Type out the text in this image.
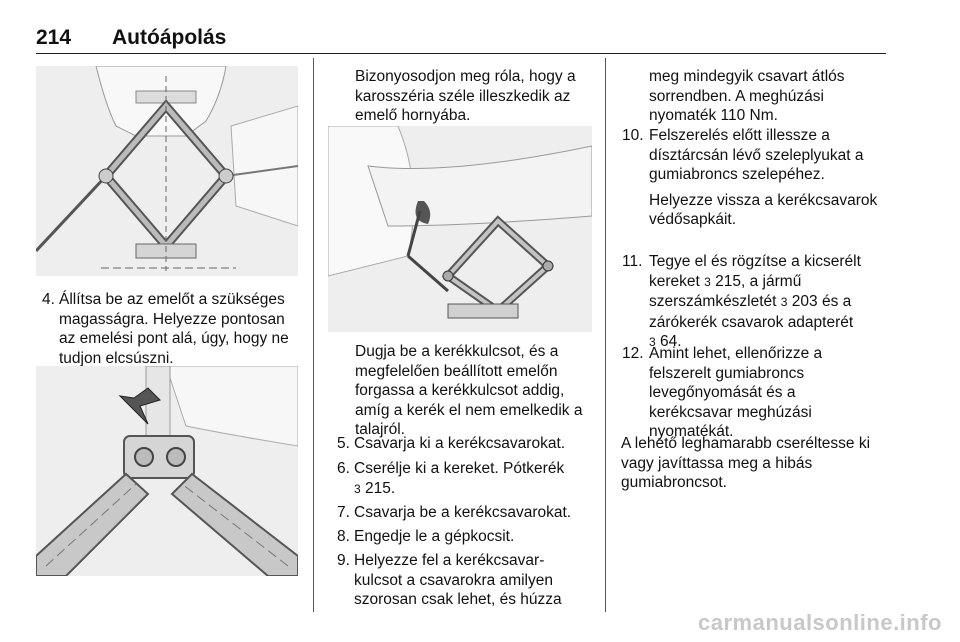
214 Autóápolás
4. Állítsa be az emelőt a szükséges
magasságra. Helyezze pontosan
az emelési pont alá, úgy, hogy ne
tudjon elcsúszni.
Bizonyosodjon meg róla, hogy a
karosszéria széle illeszkedik az
emelő hornyába.
Dugja be a kerékkulcsot, és a
megfelelően beállított emelőn
forgassa a kerékkulcsot addig,
amíg a kerék el nem emelkedik a
talajról.
5. Csavarja ki a kerékcsavarokat.
6. Cserélje ki a kereket. Pótkerék
3 215.
7. Csavarja be a kerékcsavarokat.
8. Engedje le a gépkocsit.
9. Helyezze fel a kerékcsavar-
kulcsot a csavarokra amilyen
szorosan csak lehet, és húzza
meg mindegyik csavart átlós
sorrendben. A meghúzási
nyomaték 110 Nm.
10. Felszerelés előtt illessze a
dísztárcsán lévő szeleplyukat a
gumiabroncs szelepéhez.
Helyezze vissza a kerékcsavarok
védősapkáit.
11. Tegye el és rögzítse a kicserélt
kereket 3 215, a jármű
szerszámkészletét 3 203 és a
zárókerék csavarok adapterét
3 64.
12. Amint lehet, ellenőrizze a
felszerelt gumiabroncs
levegőnyomását és a
kerékcsavar meghúzási
nyomatékát.
A lehető leghamarabb cseréltesse ki
vagy javíttassa meg a hibás
gumiabroncsot.
carmanualsonline.info
